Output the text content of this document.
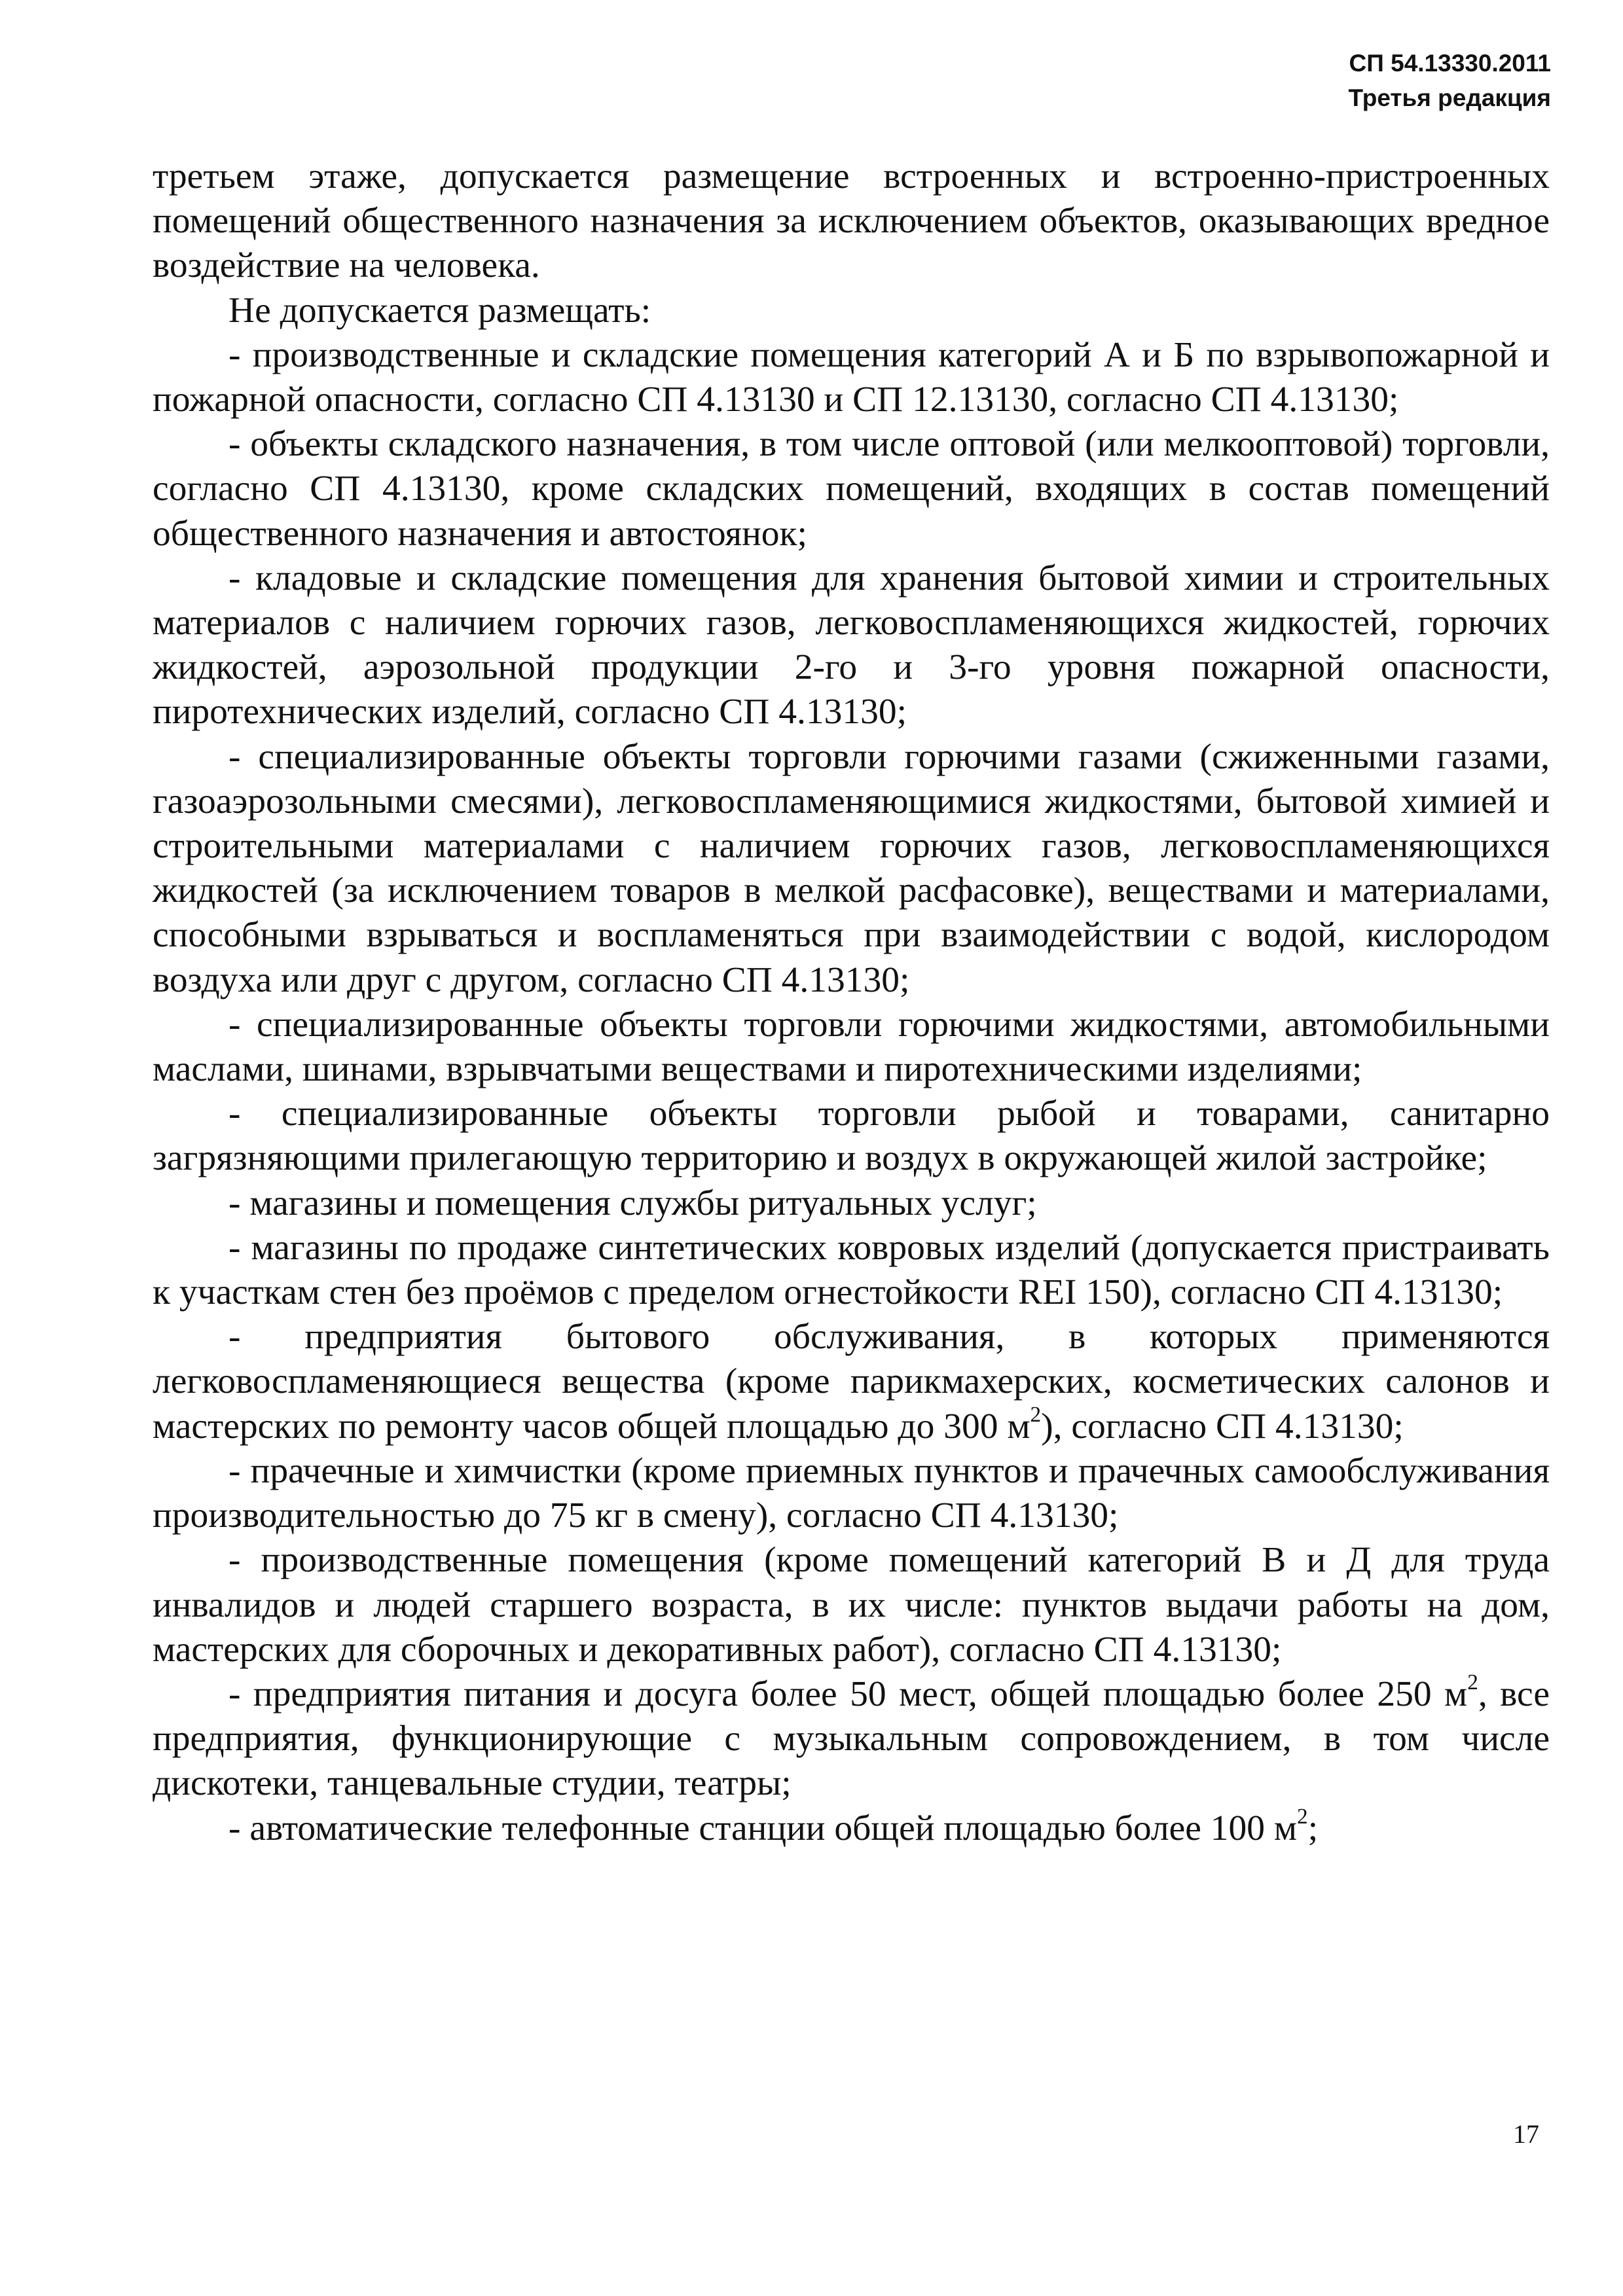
СП 54.13330.2011
Третья редакция

третьем этаже, допускается размещение встроенных и встроенно-пристроенных помещений общественного назначения за исключением объектов, оказывающих вредное воздействие на человека.

Не допускается размещать:

- производственные и складские помещения категорий А и Б по взрывопожарной и пожарной опасности, согласно СП 4.13130 и СП 12.13130, согласно СП 4.13130;

- объекты складского назначения, в том числе оптовой (или мелкооптовой) торговли, согласно СП 4.13130, кроме складских помещений, входящих в состав помещений общественного назначения и автостоянок;

- кладовые и складские помещения для хранения бытовой химии и строительных материалов с наличием горючих газов, легковоспламеняющихся жидкостей, горючих жидкостей, аэрозольной продукции 2-го и 3-го уровня пожарной опасности, пиротехнических изделий, согласно СП 4.13130;

- специализированные объекты торговли горючими газами (сжиженными газами, газоаэрозольными смесями), легковоспламеняющимися жидкостями, бытовой химией и строительными материалами с наличием горючих газов, легковоспламеняющихся жидкостей (за исключением товаров в мелкой расфасовке), веществами и материалами, способными взрываться и воспламеняться при взаимодействии с водой, кислородом воздуха или друг с другом, согласно СП 4.13130;

- специализированные объекты торговли горючими жидкостями, автомобильными маслами, шинами, взрывчатыми веществами и пиротехническими изделиями;

- специализированные объекты торговли рыбой и товарами, санитарно загрязняющими прилегающую территорию и воздух в окружающей жилой застройке;

- магазины и помещения службы ритуальных услуг;

- магазины по продаже синтетических ковровых изделий (допускается пристраивать к участкам стен без проёмов с пределом огнестойкости REI 150), согласно СП 4.13130;

- предприятия бытового обслуживания, в которых применяются легковоспламеняющиеся вещества (кроме парикмахерских, косметических салонов и мастерских по ремонту часов общей площадью до 300 $м^2$), согласно СП 4.13130;

- прачечные и химчистки (кроме приемных пунктов и прачечных самообслуживания производительностью до 75 кг в смену), согласно СП 4.13130;

- производственные помещения (кроме помещений категорий В и Д для труда инвалидов и людей старшего возраста, в их числе: пунктов выдачи работы на дом, мастерских для сборочных и декоративных работ), согласно СП 4.13130;

- предприятия питания и досуга более 50 мест, общей площадью более 250 $м^2$, все предприятия, функционирующие с музыкальным сопровождением, в том числе дискотеки, танцевальные студии, театры;

- автоматические телефонные станции общей площадью более 100 $м^2$;

17
